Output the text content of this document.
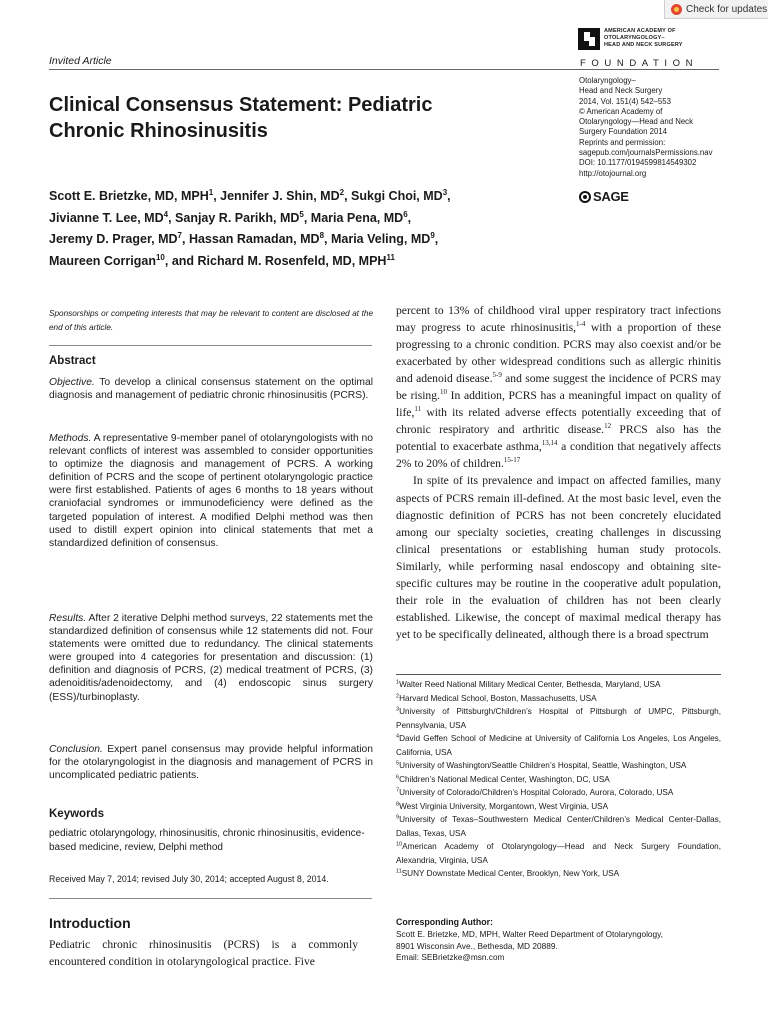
Check for updates
Invited Article
AMERICAN ACADEMY OF
OTOLARYNGOLOGY–
HEAD AND NECK SURGERY
FOUNDATION
Otolaryngology–
Head and Neck Surgery
2014, Vol. 151(4) 542–553
© American Academy of
Otolaryngology—Head and Neck
Surgery Foundation 2014
Reprints and permission:
sagepub.com/journalsPermissions.nav
DOI: 10.1177/0194599814549302
http://otojournal.org
SAGE
Clinical Consensus Statement: Pediatric
Chronic Rhinosinusitis
Scott E. Brietzke, MD, MPH$^1$, Jennifer J. Shin, $MD^2$, Sukgi Choi, $MD^3$,
Jivianne T. Lee, $MD^4$, Sanjay R. Parikh, $MD^5$, Maria Pena, $MD^6$,
Jeremy D. Prager, $MD^7$, Hassan Ramadan, $MD^8$, Maria Veling, $MD^9$,
Maureen Corrigan$^{10}$, and Richard M. Rosenfeld, MD, MPH$^{11}$
Sponsorships or competing interests that may be relevant to content are disclosed at the end of this article.
Abstract
Objective. To develop a clinical consensus statement on the optimal diagnosis and management of pediatric chronic rhinosinusitis (PCRS).
Methods. A representative 9-member panel of otolaryngologists with no relevant conflicts of interest was assembled to consider opportunities to optimize the diagnosis and management of PCRS. A working definition of PCRS and the scope of pertinent otolaryngologic practice were first established. Patients of ages 6 months to 18 years without craniofacial syndromes or immunodeficiency were defined as the targeted population of interest. A modified Delphi method was then used to distill expert opinion into clinical statements that met a standardized definition of consensus.
Results. After 2 iterative Delphi method surveys, 22 statements met the standardized definition of consensus while 12 statements did not. Four statements were omitted due to redundancy. The clinical statements were grouped into 4 categories for presentation and discussion: (1) definition and diagnosis of PCRS, (2) medical treatment of PCRS, (3) adenoiditis/adenoidectomy, and (4) endoscopic sinus surgery (ESS)/turbinoplasty.
Conclusion. Expert panel consensus may provide helpful information for the otolaryngologist in the diagnosis and management of PCRS in uncomplicated pediatric patients.
Keywords
pediatric otolaryngology, rhinosinusitis, chronic rhinosinusitis, evidence-based medicine, review, Delphi method
Received May 7, 2014; revised July 30, 2014; accepted August 8, 2014.
Introduction
Pediatric chronic rhinosinusitis (PCRS) is a commonly encountered condition in otolaryngological practice. Five

percent to 13% of childhood viral upper respiratory tract infections may progress to acute rhinosinusitis,$^{1-4}$ with a proportion of these progressing to a chronic condition. PCRS may also coexist and/or be exacerbated by other widespread conditions such as allergic rhinitis and adenoid disease.$^{5-9}$ and some suggest the incidence of PCRS may be rising.$^{10}$ In addition, PCRS has a meaningful impact on quality of life,$^{11}$ with its related adverse effects potentially exceeding that of chronic respiratory and arthritic disease.$^{12}$ PRCS also has the potential to exacerbate asthma,$^{13,14}$ a condition that negatively affects 2% to 20% of children.$^{15-17}$

In spite of its prevalence and impact on affected families, many aspects of PCRS remain ill-defined. At the most basic level, even the diagnostic definition of PCRS has not been concretely elucidated among our specialty societies, creating challenges in discussing clinical presentations or establishing human study protocols. Similarly, while performing nasal endoscopy and obtaining site-specific cultures may be routine in the cooperative adult population, their role in the evaluation of children has not been clearly established. Likewise, the concept of maximal medical therapy has yet to be specifically delineated, although there is a broad spectrum

$^1$Walter Reed National Military Medical Center, Bethesda, Maryland, USA
$^2$Harvard Medical School, Boston, Massachusetts, USA
$^3$University of Pittsburgh/Children’s Hospital of Pittsburgh of UMPC, Pittsburgh, Pennsylvania, USA
$^4$David Geffen School of Medicine at University of California Los Angeles, Los Angeles, California, USA
$^5$University of Washington/Seattle Children’s Hospital, Seattle, Washington, USA
$^6$Children’s National Medical Center, Washington, DC, USA
$^7$University of Colorado/Children’s Hospital Colorado, Aurora, Colorado, USA
$^8$West Virginia University, Morgantown, West Virginia, USA
$^9$University of Texas–Southwestern Medical Center/Children’s Medical Center-Dallas, Dallas, Texas, USA
$^{10}$American Academy of Otolaryngology—Head and Neck Surgery Foundation, Alexandria, Virginia, USA
$^{11}$SUNY Downstate Medical Center, Brooklyn, New York, USA
Corresponding Author:
Scott E. Brietzke, MD, MPH, Walter Reed Department of Otolaryngology,
8901 Wisconsin Ave., Bethesda, MD 20889.
Email: SEBrietzke@msn.com
